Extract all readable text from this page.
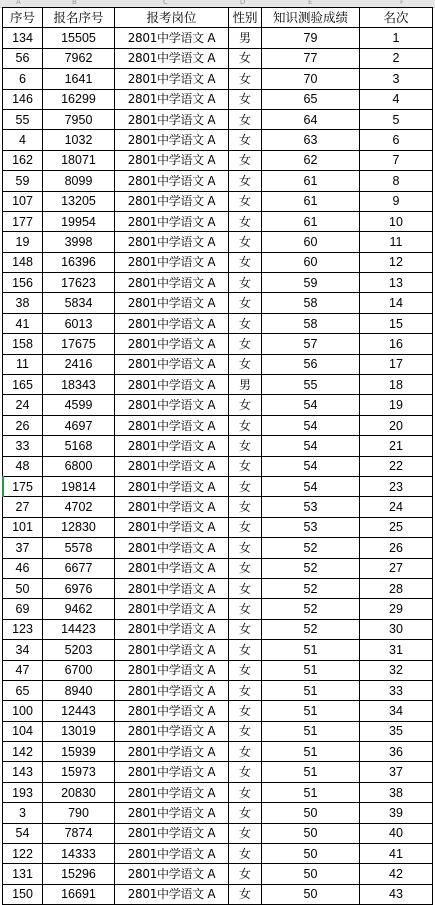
A	B	C	D	E	F
序号	报名序号	报考岗位	性别	知识测验成绩	名次
134	15505	2801中学语文 A	男	79	1
56	7962	2801中学语文 A	女	77	2
6	1641	2801中学语文 A	女	70	3
146	16299	2801中学语文 A	女	65	4
55	7950	2801中学语文 A	女	64	5
4	1032	2801中学语文 A	女	63	6
162	18071	2801中学语文 A	女	62	7
59	8099	2801中学语文 A	女	61	8
107	13205	2801中学语文 A	女	61	9
177	19954	2801中学语文 A	女	61	10
19	3998	2801中学语文 A	女	60	11
148	16396	2801中学语文 A	女	60	12
156	17623	2801中学语文 A	女	59	13
38	5834	2801中学语文 A	女	58	14
41	6013	2801中学语文 A	女	58	15
158	17675	2801中学语文 A	女	57	16
11	2416	2801中学语文 A	女	56	17
165	18343	2801中学语文 A	男	55	18
24	4599	2801中学语文 A	女	54	19
26	4697	2801中学语文 A	女	54	20
33	5168	2801中学语文 A	女	54	21
48	6800	2801中学语文 A	女	54	22
175	19814	2801中学语文 A	女	54	23
27	4702	2801中学语文 A	女	53	24
101	12830	2801中学语文 A	女	53	25
37	5578	2801中学语文 A	女	52	26
46	6677	2801中学语文 A	女	52	27
50	6976	2801中学语文 A	女	52	28
69	9462	2801中学语文 A	女	52	29
123	14423	2801中学语文 A	女	52	30
34	5203	2801中学语文 A	女	51	31
47	6700	2801中学语文 A	女	51	32
65	8940	2801中学语文 A	女	51	33
100	12443	2801中学语文 A	女	51	34
104	13019	2801中学语文 A	女	51	35
142	15939	2801中学语文 A	女	51	36
143	15973	2801中学语文 A	女	51	37
193	20830	2801中学语文 A	女	51	38
3	790	2801中学语文 A	女	50	39
54	7874	2801中学语文 A	女	50	40
122	14333	2801中学语文 A	女	50	41
131	15296	2801中学语文 A	女	50	42
150	16691	2801中学语文 A	女	50	43
